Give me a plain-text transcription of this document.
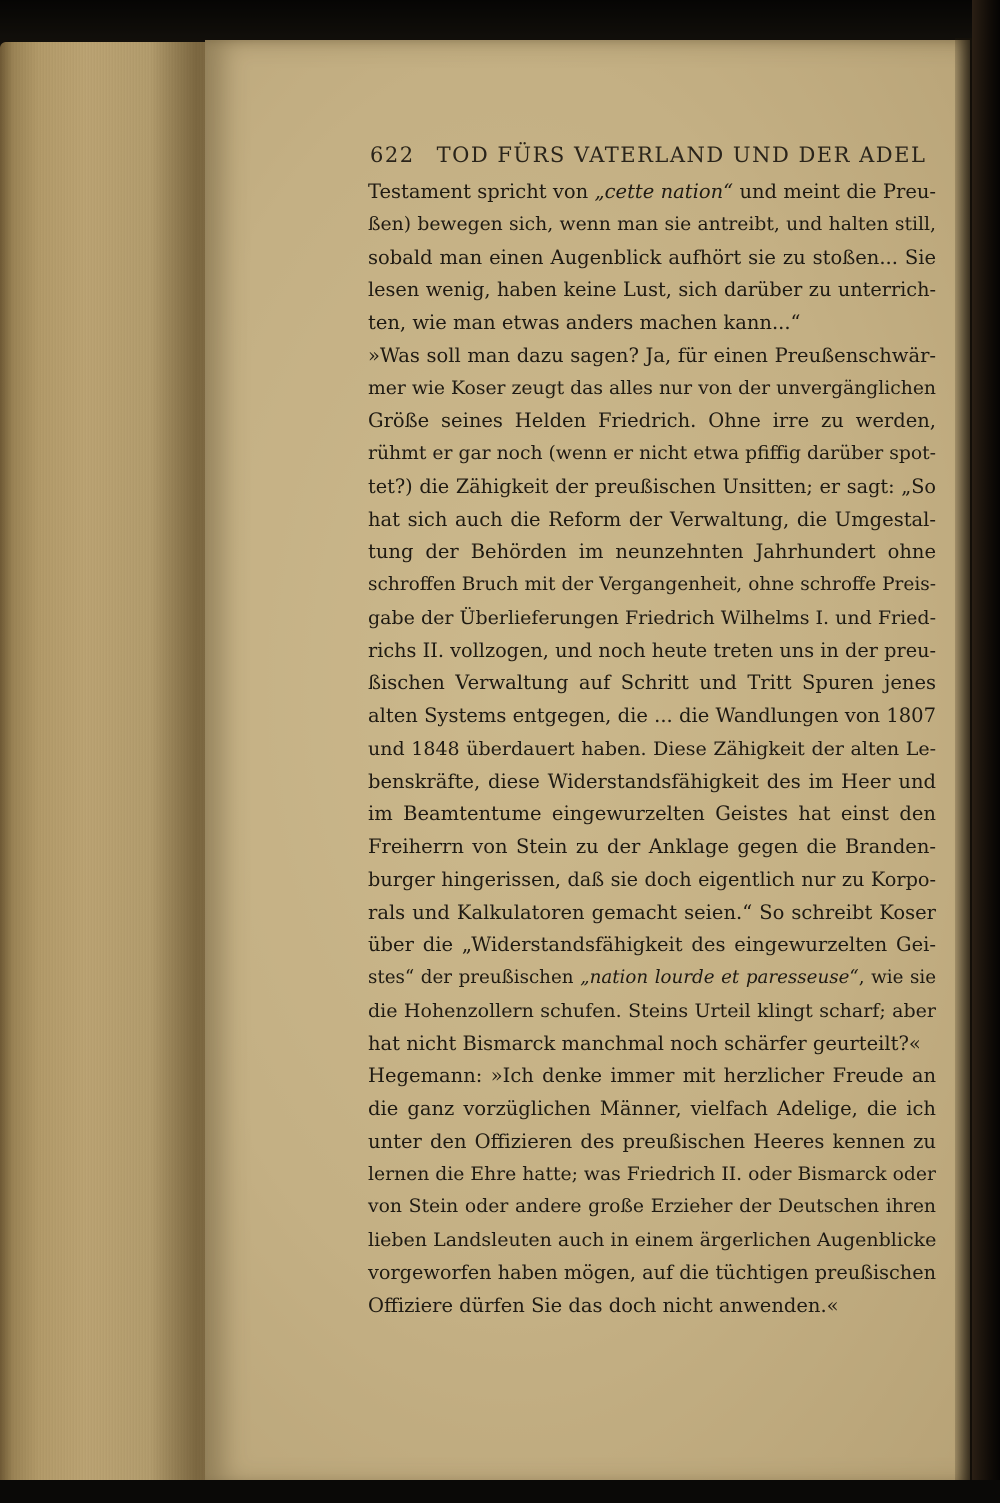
622 TOD FÜRS VATERLAND UND DER ADEL
Testament spricht von „cette nation“ und meint die Preu-
ßen) bewegen sich, wenn man sie antreibt, und halten still,
sobald man einen Augenblick aufhört sie zu stoßen... Sie
lesen wenig, haben keine Lust, sich darüber zu unterrich-
ten, wie man etwas anders machen kann...“
»Was soll man dazu sagen? Ja, für einen Preußenschwär-
mer wie Koser zeugt das alles nur von der unvergänglichen
Größe seines Helden Friedrich. Ohne irre zu werden,
rühmt er gar noch (wenn er nicht etwa pfiffig darüber spot-
tet?) die Zähigkeit der preußischen Unsitten; er sagt: „So
hat sich auch die Reform der Verwaltung, die Umgestal-
tung der Behörden im neunzehnten Jahrhundert ohne
schroffen Bruch mit der Vergangenheit, ohne schroffe Preis-
gabe der Überlieferungen Friedrich Wilhelms I. und Fried-
richs II. vollzogen, und noch heute treten uns in der preu-
ßischen Verwaltung auf Schritt und Tritt Spuren jenes
alten Systems entgegen, die ... die Wandlungen von 1807
und 1848 überdauert haben. Diese Zähigkeit der alten Le-
benskräfte, diese Widerstandsfähigkeit des im Heer und
im Beamtentume eingewurzelten Geistes hat einst den
Freiherrn von Stein zu der Anklage gegen die Branden-
burger hingerissen, daß sie doch eigentlich nur zu Korpo-
rals und Kalkulatoren gemacht seien.“ So schreibt Koser
über die „Widerstandsfähigkeit des eingewurzelten Gei-
stes“ der preußischen „nation lourde et paresseuse“, wie sie
die Hohenzollern schufen. Steins Urteil klingt scharf; aber
hat nicht Bismarck manchmal noch schärfer geurteilt?«
Hegemann: »Ich denke immer mit herzlicher Freude an
die ganz vorzüglichen Männer, vielfach Adelige, die ich
unter den Offizieren des preußischen Heeres kennen zu
lernen die Ehre hatte; was Friedrich II. oder Bismarck oder
von Stein oder andere große Erzieher der Deutschen ihren
lieben Landsleuten auch in einem ärgerlichen Augenblicke
vorgeworfen haben mögen, auf die tüchtigen preußischen
Offiziere dürfen Sie das doch nicht anwenden.«
